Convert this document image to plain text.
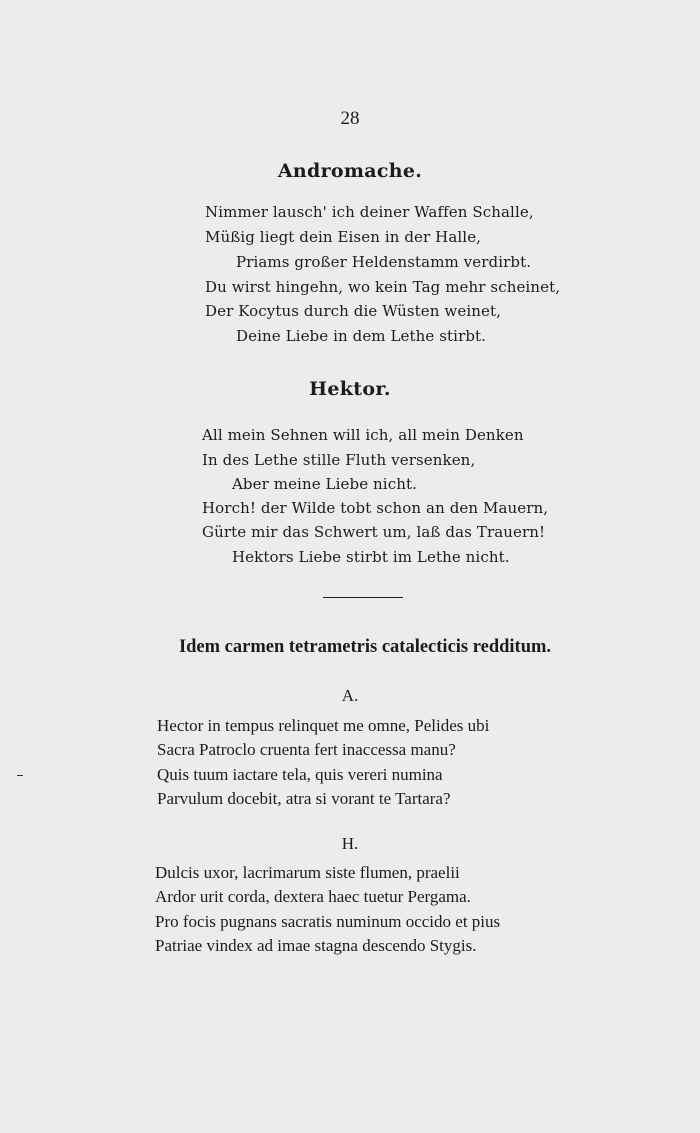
28
Andromache.
Nimmer lausch' ich deiner Waffen Schalle,
Müßig liegt dein Eisen in der Halle,
Priams großer Heldenstamm verdirbt.
Du wirst hingehn, wo kein Tag mehr scheinet,
Der Kocytus durch die Wüsten weinet,
Deine Liebe in dem Lethe stirbt.
Hektor.
All mein Sehnen will ich, all mein Denken
In des Lethe stille Fluth versenken,
Aber meine Liebe nicht.
Horch! der Wilde tobt schon an den Mauern,
Gürte mir das Schwert um, laß das Trauern!
Hektors Liebe stirbt im Lethe nicht.
Idem carmen tetrametris catalecticis redditum.
A.
Hector in tempus relinquet me omne, Pelides ubi
Sacra Patroclo cruenta fert inaccessa manu?
Quis tuum iactare tela, quis vereri numina
Parvulum docebit, atra si vorant te Tartara?
H.
Dulcis uxor, lacrimarum siste flumen, praelii
Ardor urit corda, dextera haec tuetur Pergama.
Pro focis pugnans sacratis numinum occido et pius
Patriae vindex ad imae stagna descendo Stygis.
